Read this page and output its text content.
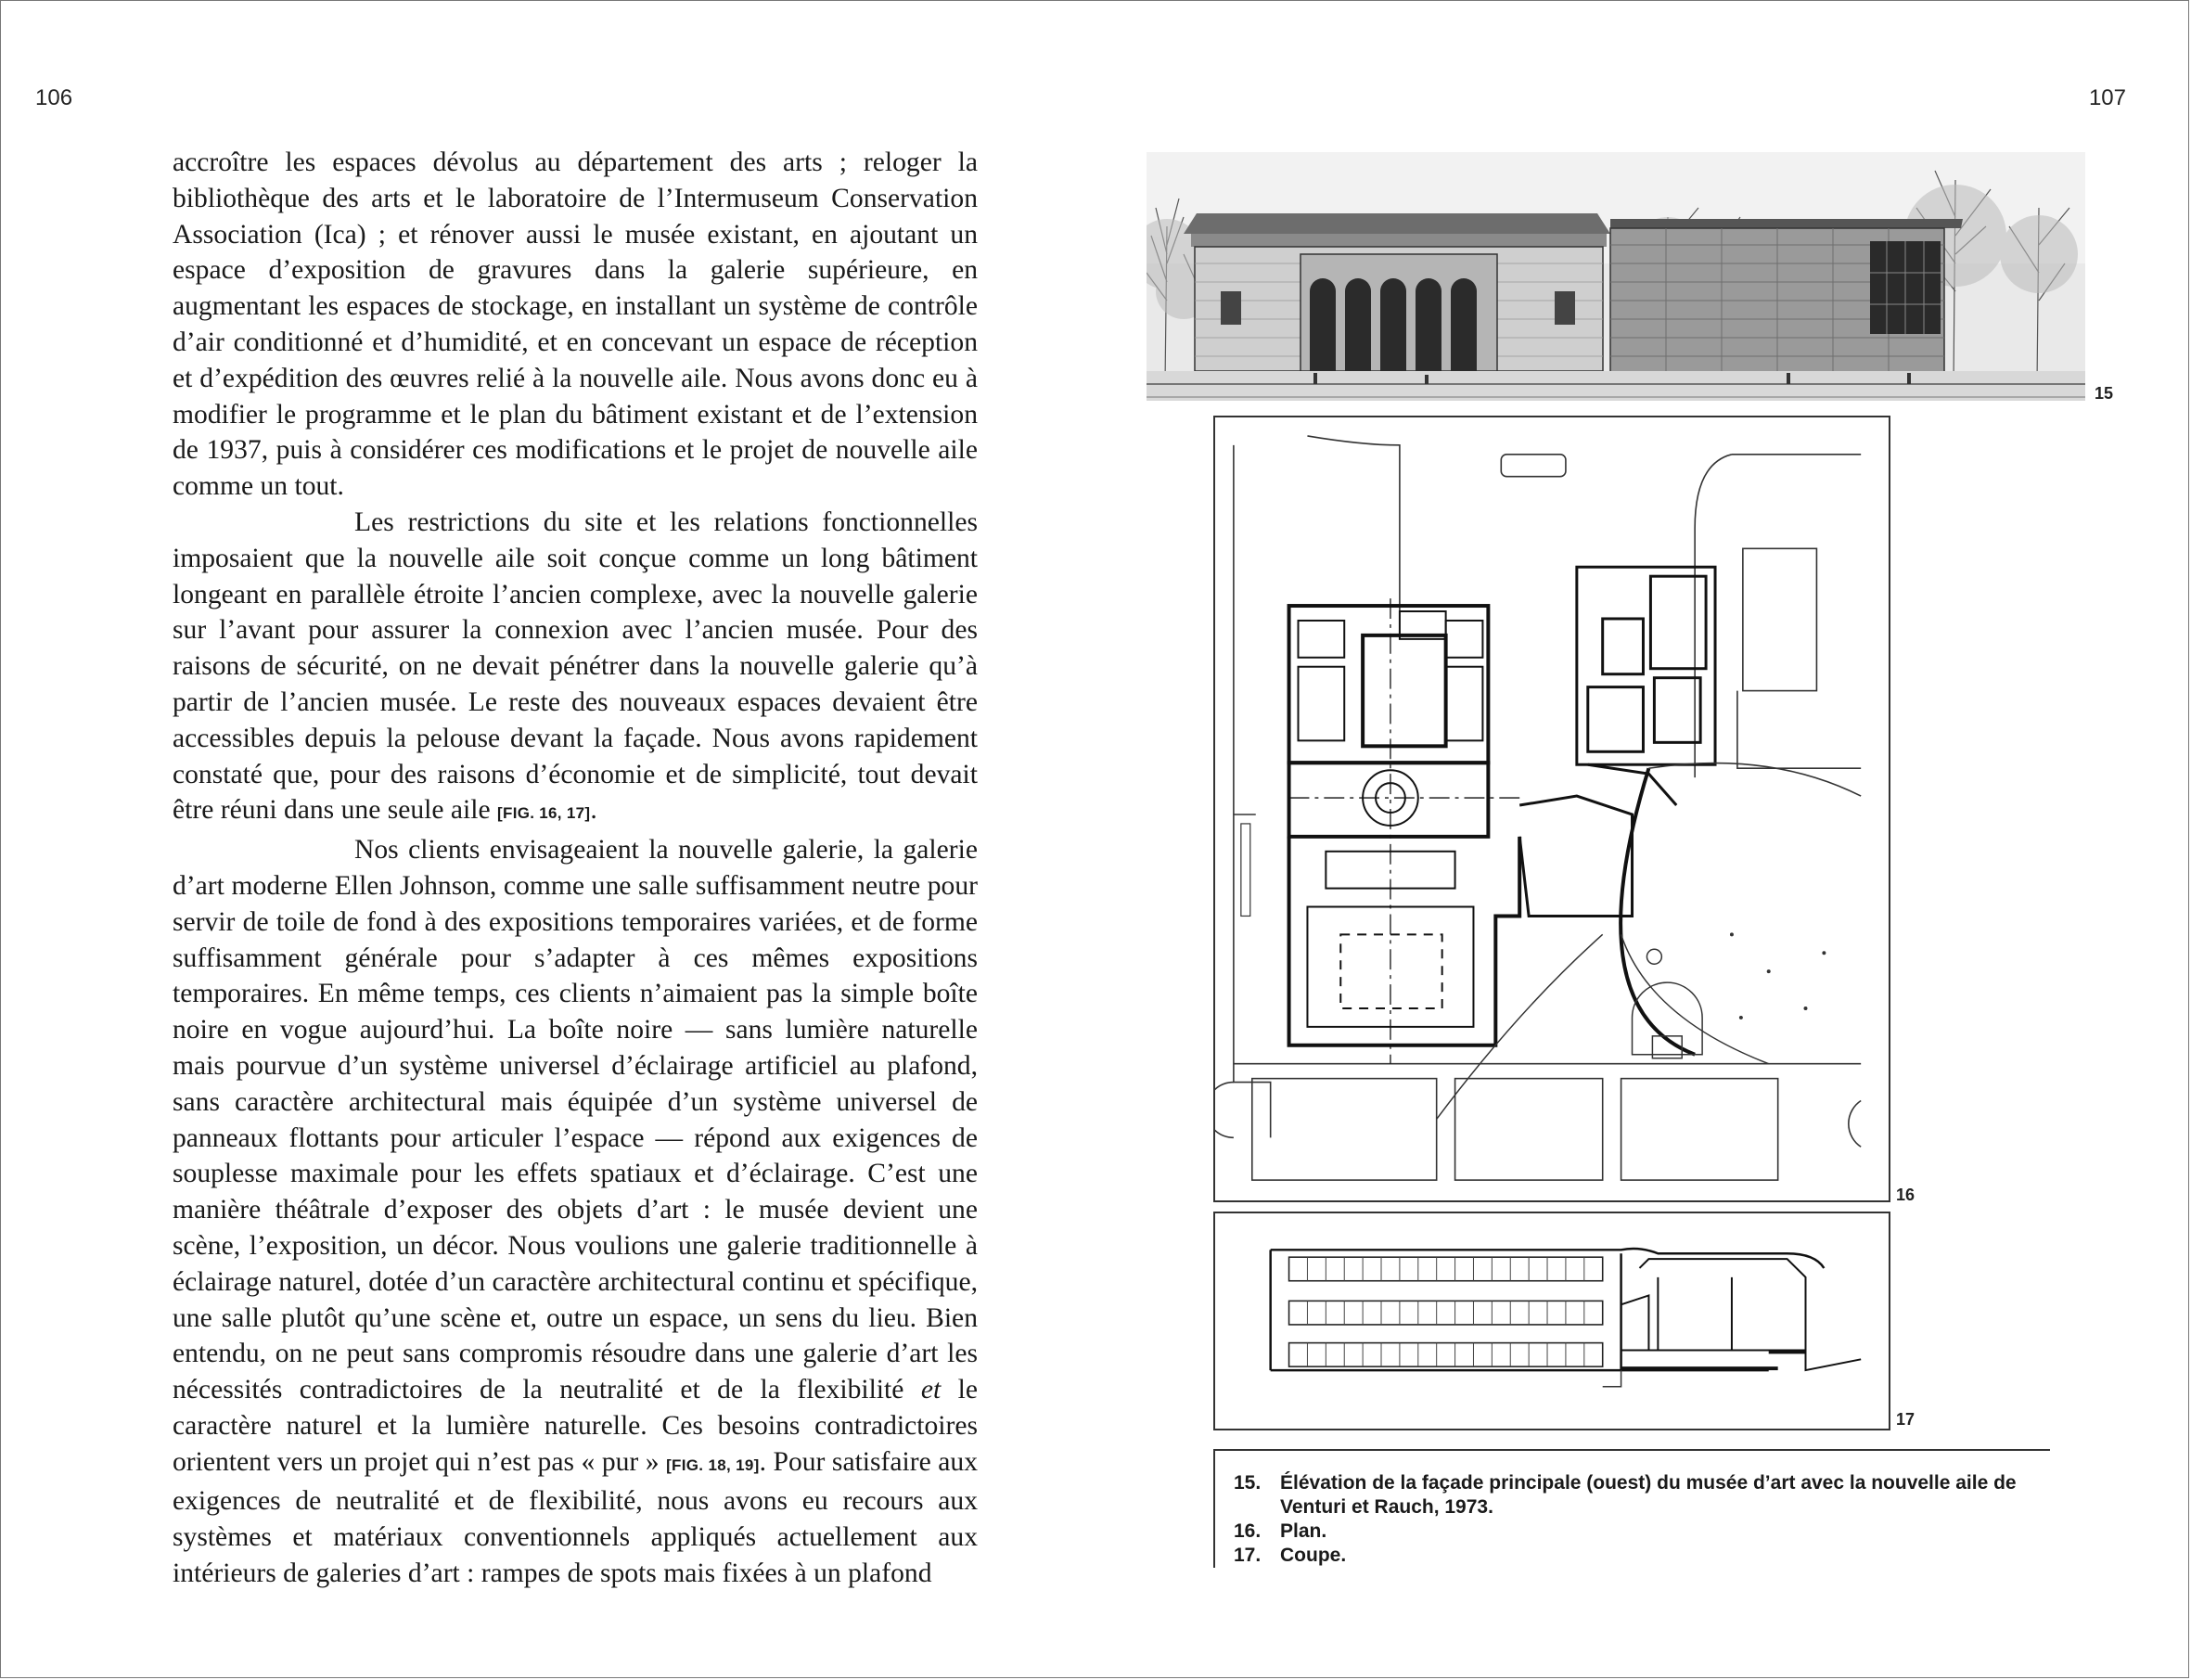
106	107

accroître les espaces dévolus au département des arts ; reloger la bibliothèque des arts et le laboratoire de l’Intermuseum Conservation Association (Ica) ; et rénover aussi le musée existant, en ajoutant un espace d’exposition de gravures dans la galerie supérieure, en augmentant les espaces de stockage, en installant un système de contrôle d’air conditionné et d’humidité, et en concevant un espace de réception et d’expédition des œuvres relié à la nouvelle aile. Nous avons donc eu à modifier le programme et le plan du bâtiment existant et de l’extension de 1937, puis à considérer ces modifications et le projet de nouvelle aile comme un tout.

Les restrictions du site et les relations fonctionnelles imposaient que la nouvelle aile soit conçue comme un long bâtiment longeant en parallèle étroite l’ancien complexe, avec la nouvelle galerie sur l’avant pour assurer la connexion avec l’ancien musée. Pour des raisons de sécurité, on ne devait pénétrer dans la nouvelle galerie qu’à partir de l’ancien musée. Le reste des nouveaux espaces devaient être accessibles depuis la pelouse devant la façade. Nous avons rapidement constaté que, pour des raisons d’économie et de simplicité, tout devait être réuni dans une seule aile [FIG. 16, 17].

Nos clients envisageaient la nouvelle galerie, la galerie d’art moderne Ellen Johnson, comme une salle suffisamment neutre pour servir de toile de fond à des expositions temporaires variées, et de forme suffisamment générale pour s’adapter à ces mêmes expositions temporaires. En même temps, ces clients n’aimaient pas la simple boîte noire en vogue aujourd’hui. La boîte noire — sans lumière naturelle mais pourvue d’un système universel d’éclairage artificiel au plafond, sans caractère architectural mais équipée d’un système universel de panneaux flottants pour articuler l’espace — répond aux exigences de souplesse maximale pour les effets spatiaux et d’éclairage. C’est une manière théâtrale d’exposer des objets d’art : le musée devient une scène, l’exposition, un décor. Nous voulions une galerie traditionnelle à éclairage naturel, dotée d’un caractère architectural continu et spécifique, une salle plutôt qu’une scène et, outre un espace, un sens du lieu. Bien entendu, on ne peut sans compromis résoudre dans une galerie d’art les nécessités contradictoires de la neutralité et de la flexibilité et le caractère naturel et la lumière naturelle. Ces besoins contradictoires orientent vers un projet qui n’est pas « pur » [FIG. 18, 19]. Pour satisfaire aux exigences de neutralité et de flexibilité, nous avons eu recours aux systèmes et matériaux conventionnels appliqués actuellement aux intérieurs de galeries d’art : rampes de spots mais fixées à un plafond

15
16
17
15. Élévation de la façade principale (ouest) du musée d’art avec la nouvelle aile de Venturi et Rauch, 1973.
16. Plan.
17. Coupe.
